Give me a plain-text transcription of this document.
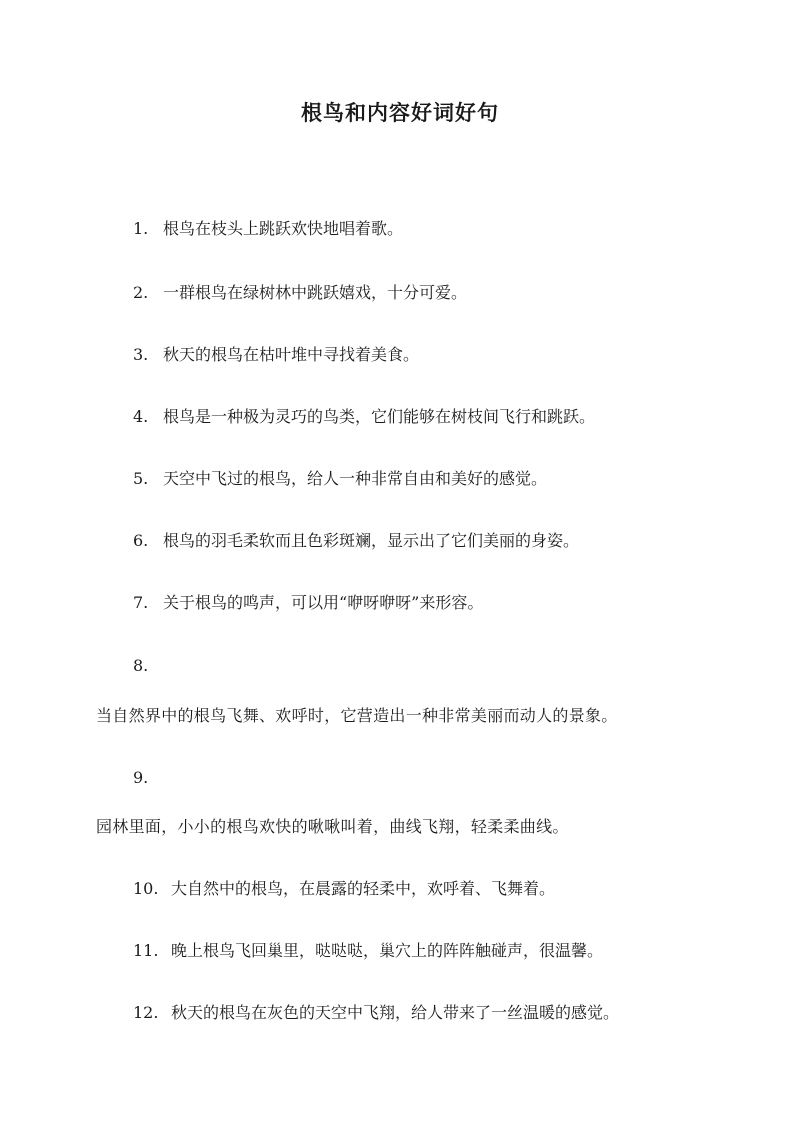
根鸟和内容好词好句

1. 根鸟在枝头上跳跃欢快地唱着歌。

2. 一群根鸟在绿树林中跳跃嬉戏，十分可爱。

3. 秋天的根鸟在枯叶堆中寻找着美食。

4. 根鸟是一种极为灵巧的鸟类，它们能够在树枝间飞行和跳跃。

5. 天空中飞过的根鸟，给人一种非常自由和美好的感觉。

6. 根鸟的羽毛柔软而且色彩斑斓，显示出了它们美丽的身姿。

7. 关于根鸟的鸣声，可以用“咿呀咿呀”来形容。

8.

当自然界中的根鸟飞舞、欢呼时，它营造出一种非常美丽而动人的景象。

9.

园林里面，小小的根鸟欢快的啾啾叫着，曲线飞翔，轻柔柔曲线。

10. 大自然中的根鸟，在晨露的轻柔中，欢呼着、飞舞着。

11. 晚上根鸟飞回巢里，哒哒哒，巢穴上的阵阵触碰声，很温馨。

12. 秋天的根鸟在灰色的天空中飞翔，给人带来了一丝温暖的感觉。
